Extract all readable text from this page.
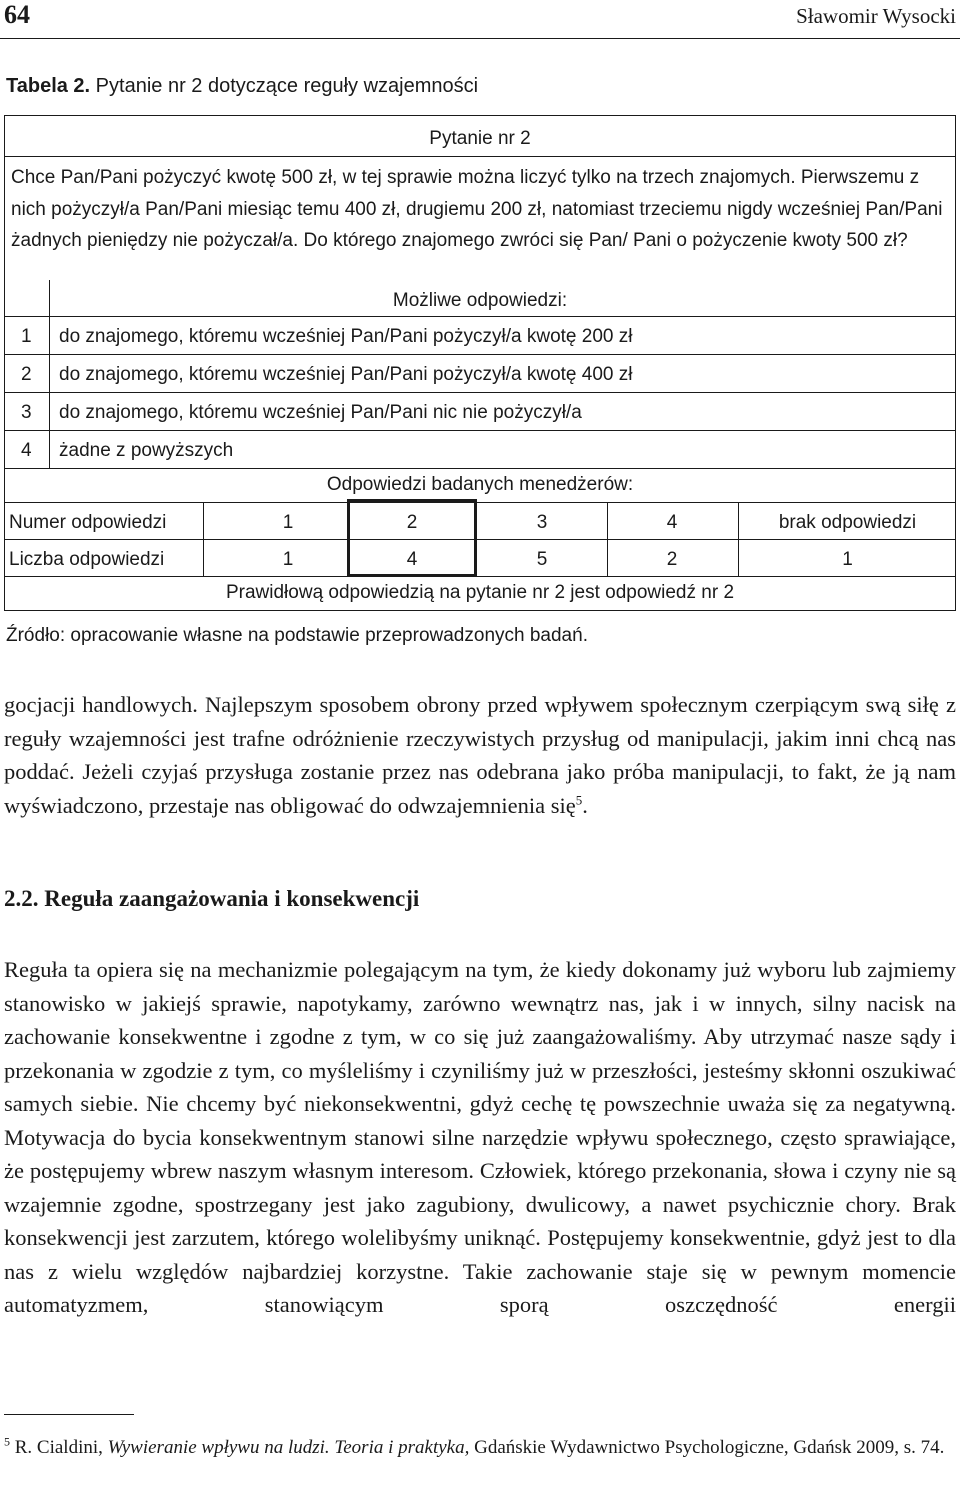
64	Sławomir Wysocki
Tabela 2. Pytanie nr 2 dotyczące reguły wzajemności
Pytanie nr 2
Chce Pan/Pani pożyczyć kwotę 500 zł, w tej sprawie można liczyć tylko na trzech znajomych. Pierwszemu z nich pożyczył/a Pan/Pani miesiąc temu 400 zł, drugiemu 200 zł, natomiast trzeciemu nigdy wcześniej Pan/Pani żadnych pieniędzy nie pożyczał/a. Do którego znajomego zwróci się Pan/ Pani o pożyczenie kwoty 500 zł?
Możliwe odpowiedzi:
1 do znajomego, któremu wcześniej Pan/Pani pożyczył/a kwotę 200 zł
2 do znajomego, któremu wcześniej Pan/Pani pożyczył/a kwotę 400 zł
3 do znajomego, któremu wcześniej Pan/Pani nic nie pożyczył/a
4 żadne z powyższych
Odpowiedzi badanych menedżerów:
Numer odpowiedzi	1	2	3	4	brak odpowiedzi
Liczba odpowiedzi	1	4	5	2	1
Prawidłową odpowiedzią na pytanie nr 2 jest odpowiedź nr 2
Źródło: opracowanie własne na podstawie przeprowadzonych badań.
gocjacji handlowych. Najlepszym sposobem obrony przed wpływem społecznym czerpiącym swą siłę z reguły wzajemności jest trafne odróżnienie rzeczywistych przysług od manipulacji, jakim inni chcą nas poddać. Jeżeli czyjaś przysługa zostanie przez nas odebrana jako próba manipulacji, to fakt, że ją nam wyświadczono, przestaje nas obligować do odwzajemnienia się$^5$.
2.2. Reguła zaangażowania i konsekwencji
Reguła ta opiera się na mechanizmie polegającym na tym, że kiedy dokonamy już wyboru lub zajmiemy stanowisko w jakiejś sprawie, napotykamy, zarówno wewnątrz nas, jak i w innych, silny nacisk na zachowanie konsekwentne i zgodne z tym, w co się już zaangażowaliśmy. Aby utrzymać nasze sądy i przekonania w zgodzie z tym, co myśleliśmy i czyniliśmy już w przeszłości, jesteśmy skłonni oszukiwać samych siebie. Nie chcemy być niekonsekwentni, gdyż cechę tę powszechnie uważa się za negatywną. Motywacja do bycia konsekwentnym stanowi silne narzędzie wpływu społecznego, często sprawiające, że postępujemy wbrew naszym własnym interesom. Człowiek, którego przekonania, słowa i czyny nie są wzajemnie zgodne, spostrzegany jest jako zagubiony, dwulicowy, a nawet psychicznie chory. Brak konsekwencji jest zarzutem, którego wolelibyśmy uniknąć. Postępujemy konsekwentnie, gdyż jest to dla nas z wielu względów najbardziej korzystne. Takie zachowanie staje się w pewnym momencie automatyzmem, stanowiącym sporą oszczędność energii
$^5$ R. Cialdini, Wywieranie wpływu na ludzi. Teoria i praktyka, Gdańskie Wydawnictwo Psychologiczne, Gdańsk 2009, s. 74.
